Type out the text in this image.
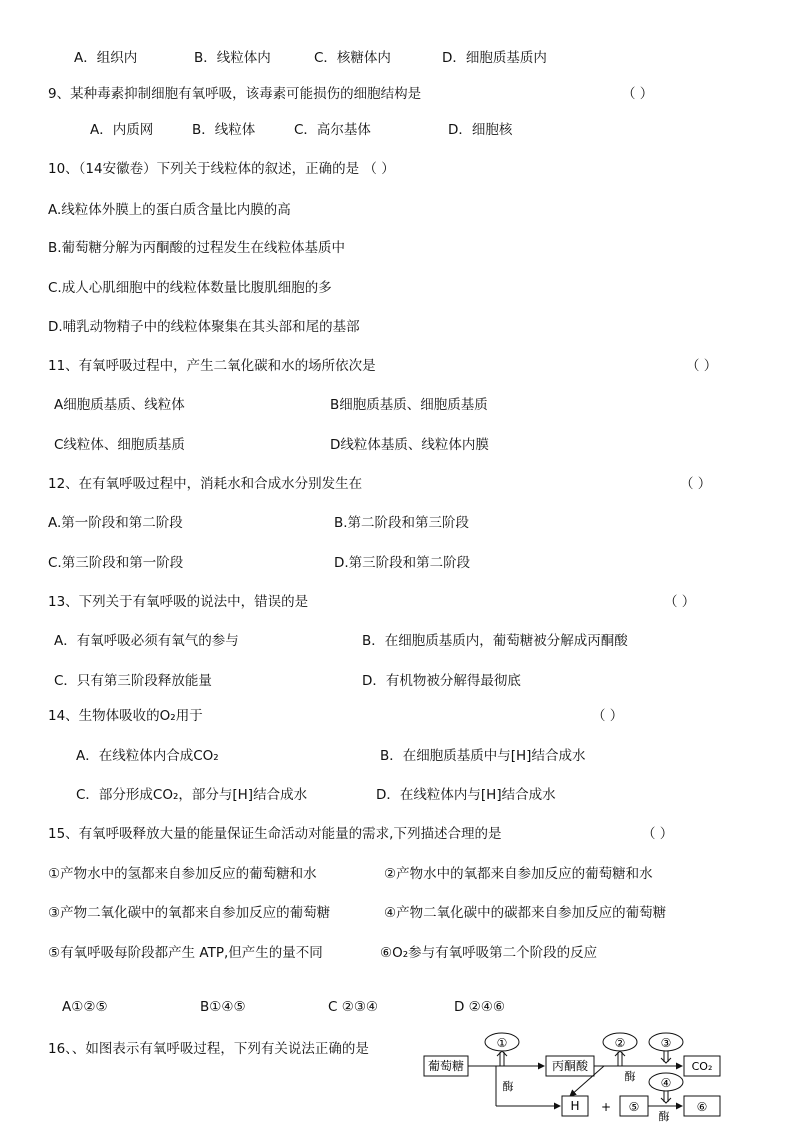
A．组织内	B．线粒体内	C．核糖体内	D．细胞质基质内
9、某种毒素抑制细胞有氧呼吸，该毒素可能损伤的细胞结构是	（ ）
A．内质网	B．线粒体	C．高尔基体	D．细胞核
10、（14安徽卷）下列关于线粒体的叙述，正确的是 （ ）
A.线粒体外膜上的蛋白质含量比内膜的高
B.葡萄糖分解为丙酮酸的过程发生在线粒体基质中
C.成人心肌细胞中的线粒体数量比腹肌细胞的多
D.哺乳动物精子中的线粒体聚集在其头部和尾的基部
11、有氧呼吸过程中，产生二氧化碳和水的场所依次是	（ ）
A细胞质基质、线粒体	B细胞质基质、细胞质基质
C线粒体、细胞质基质	D线粒体基质、线粒体内膜
12、在有氧呼吸过程中，消耗水和合成水分别发生在	（ ）
A.第一阶段和第二阶段	B.第二阶段和第三阶段
C.第三阶段和第一阶段	D.第三阶段和第二阶段
13、下列关于有氧呼吸的说法中，错误的是	（ ）
A．有氧呼吸必须有氧气的参与	B．在细胞质基质内，葡萄糖被分解成丙酮酸
C．只有第三阶段释放能量	D．有机物被分解得最彻底
14、生物体吸收的O₂用于	（ ）
A．在线粒体内合成CO₂	B．在细胞质基质中与[H]结合成水
C．部分形成CO₂，部分与[H]结合成水	D．在线粒体内与[H]结合成水
15、有氧呼吸释放大量的能量保证生命活动对能量的需求,下列描述合理的是	（ ）
①产物水中的氢都来自参加反应的葡萄糖和水	②产物水中的氧都来自参加反应的葡萄糖和水
③产物二氧化碳中的氧都来自参加反应的葡萄糖	④产物二氧化碳中的碳都来自参加反应的葡萄糖
⑤有氧呼吸每阶段都产生 ATP,但产生的量不同	⑥O₂参与有氧呼吸第二个阶段的反应
A①②⑤	B①④⑤	C ②③④	D ②④⑥
16、、如图表示有氧呼吸过程，下列有关说法正确的是
葡萄糖
①
酶
丙酮酸
酶
②	③
CO₂
H + ⑤
④
酶
⑥
